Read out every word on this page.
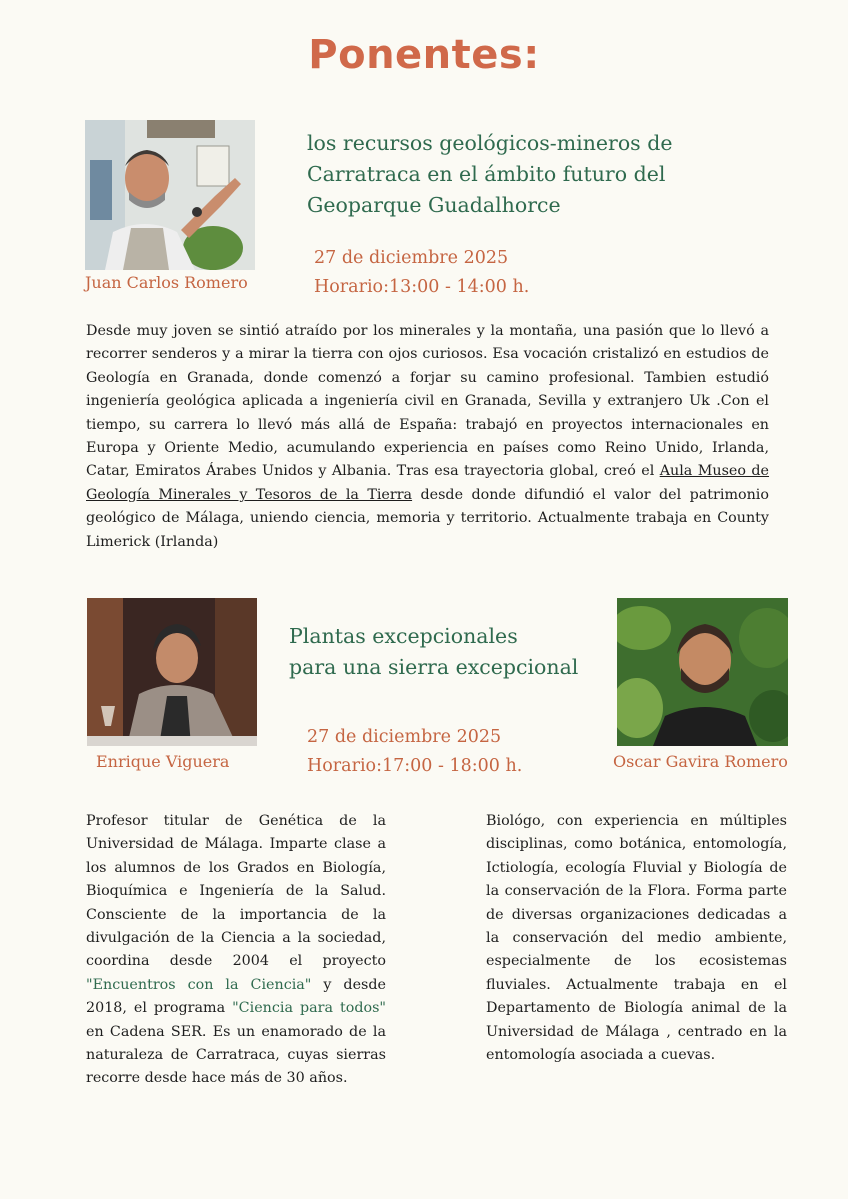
Ponentes:
Juan Carlos Romero
los recursos geológicos-mineros de
Carratraca en el ámbito futuro del
Geoparque Guadalhorce
27 de diciembre 2025
Horario:13:00 - 14:00 h.
Desde muy joven se sintió atraído por los minerales y la montaña, una pasión que lo llevó a recorrer senderos y a mirar la tierra con ojos curiosos. Esa vocación cristalizó en estudios de Geología en Granada, donde comenzó a forjar su camino profesional. Tambien estudió ingeniería geológica aplicada a ingeniería civil en Granada, Sevilla y extranjero Uk .Con el tiempo, su carrera lo llevó más allá de España: trabajó en proyectos internacionales en Europa y Oriente Medio, acumulando experiencia en países como Reino Unido, Irlanda, Catar, Emiratos Árabes Unidos y Albania. Tras esa trayectoria global, creó el Aula Museo de Geología Minerales y Tesoros de la Tierra desde donde difundió el valor del patrimonio geológico de Málaga, uniendo ciencia, memoria y territorio. Actualmente trabaja en County Limerick (Irlanda)
Enrique Viguera
Plantas excepcionales
para una sierra excepcional
27 de diciembre 2025
Horario:17:00 - 18:00 h.	Oscar Gavira Romero
Profesor titular de Genética de la Universidad de Málaga. Imparte clase a los alumnos de los Grados en Biología, Bioquímica e Ingeniería de la Salud. Consciente de la importancia de la divulgación de la Ciencia a la sociedad, coordina desde 2004 el proyecto "Encuentros con la Ciencia" y desde 2018, el programa "Ciencia para todos" en Cadena SER. Es un enamorado de la naturaleza de Carratraca, cuyas sierras recorre desde hace más de 30 años.
Biológo, con experiencia en múltiples disciplinas, como botánica, entomología, Ictiología, ecología Fluvial y Biología de la conservación de la Flora. Forma parte de diversas organizaciones dedicadas a la conservación del medio ambiente, especialmente de los ecosistemas fluviales. Actualmente trabaja en el Departamento de Biología animal de la Universidad de Málaga , centrado en la entomología asociada a cuevas.
